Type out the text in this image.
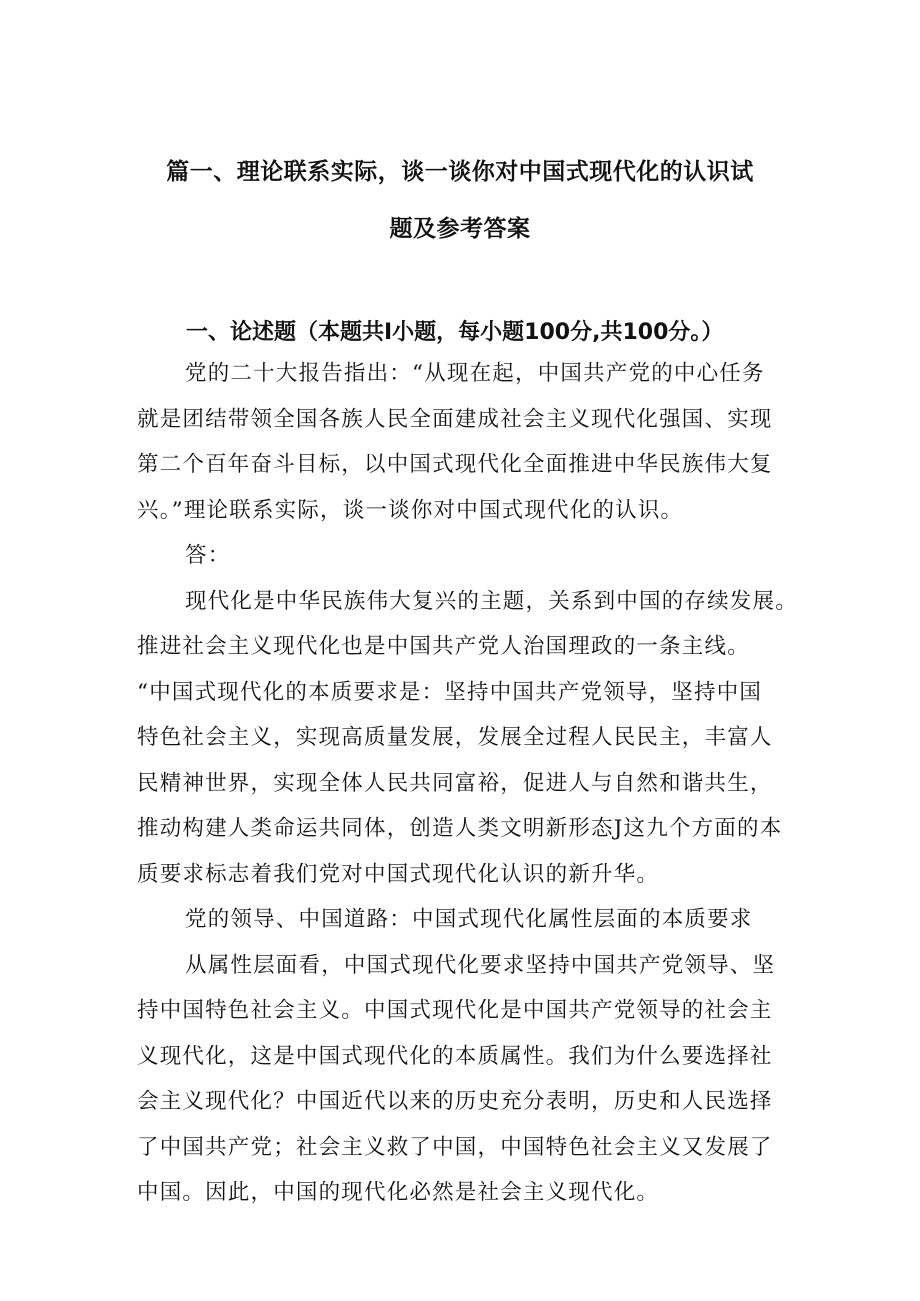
篇一、理论联系实际，谈一谈你对中国式现代化的认识试
题及参考答案
一、论述题（本题共I小题，每小题100分,共100分。）

党的二十大报告指出：“从现在起，中国共产党的中心任务
就是团结带领全国各族人民全面建成社会主义现代化强国、实现
第二个百年奋斗目标，以中国式现代化全面推进中华民族伟大复
兴。”理论联系实际，谈一谈你对中国式现代化的认识。

答：

现代化是中华民族伟大复兴的主题，关系到中国的存续发展。
推进社会主义现代化也是中国共产党人治国理政的一条主线。
“中国式现代化的本质要求是：坚持中国共产党领导，坚持中国
特色社会主义，实现高质量发展，发展全过程人民民主，丰富人
民精神世界，实现全体人民共同富裕，促进人与自然和谐共生，
推动构建人类命运共同体，创造人类文明新形态J这九个方面的本
质要求标志着我们党对中国式现代化认识的新升华。

党的领导、中国道路：中国式现代化属性层面的本质要求

从属性层面看，中国式现代化要求坚持中国共产党领导、坚
持中国特色社会主义。中国式现代化是中国共产党领导的社会主
义现代化，这是中国式现代化的本质属性。我们为什么要选择社
会主义现代化？中国近代以来的历史充分表明，历史和人民选择
了中国共产党；社会主义救了中国，中国特色社会主义又发展了
中国。因此，中国的现代化必然是社会主义现代化。
